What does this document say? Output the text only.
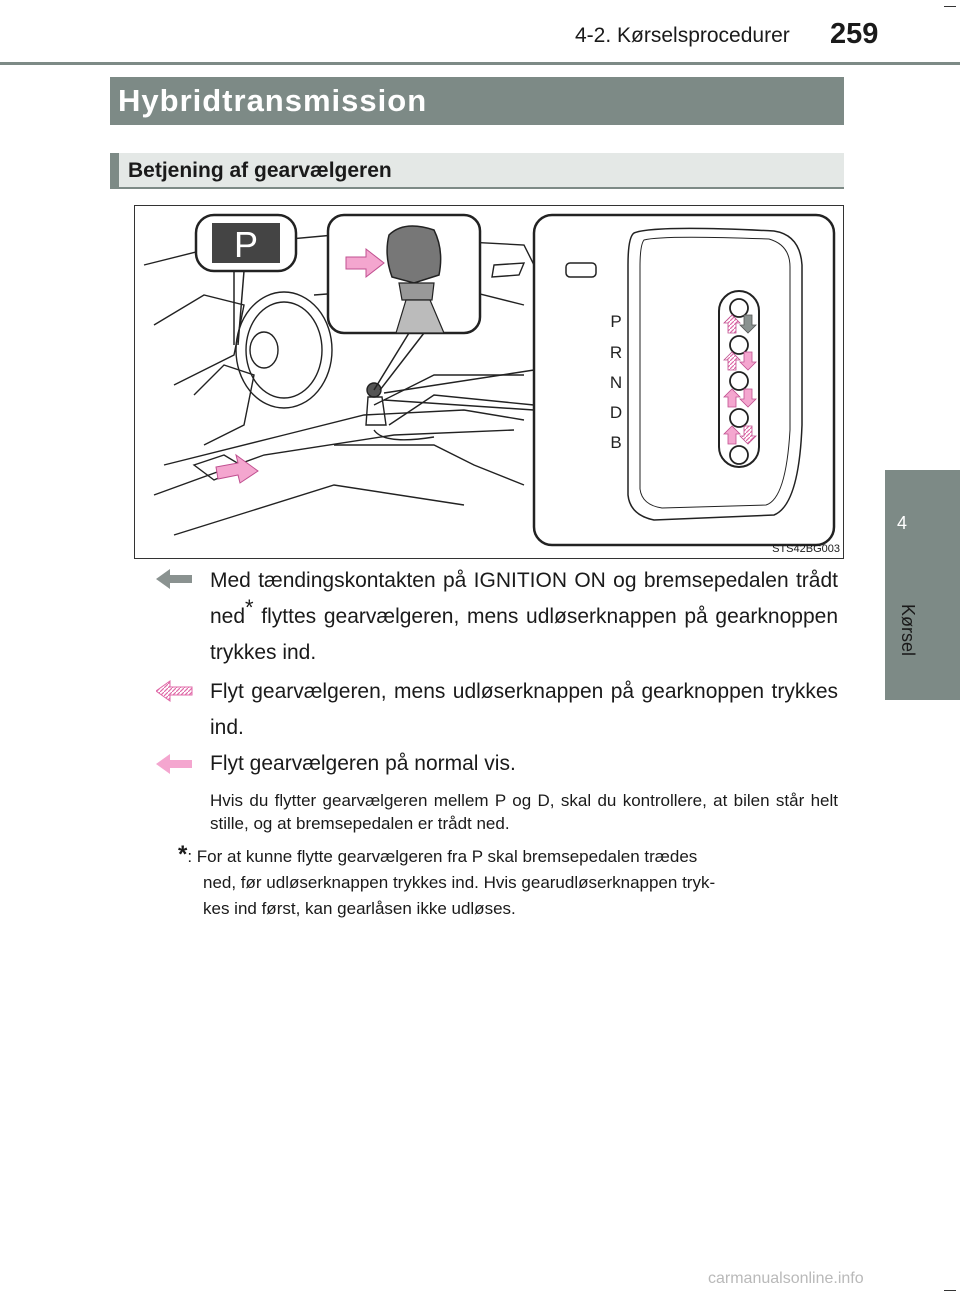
4-2. Kørselsprocedurer 259
Hybridtransmission
Betjening af gearvælgeren
4
Kørsel
P
P
R
N
D
B
STS42BG003
Med tændingskontakten på IGNITION ON og bremsepedalen trådt ned* flyttes gearvælgeren, mens udløserknappen på gearknoppen trykkes ind.
Flyt gearvælgeren, mens udløserknappen på gearknoppen trykkes ind.
Flyt gearvælgeren på normal vis.
Hvis du flytter gearvælgeren mellem P og D, skal du kontrollere, at bilen står helt stille, og at bremsepedalen er trådt ned.
*: For at kunne flytte gearvælgeren fra P skal bremsepedalen trædes
ned, før udløserknappen trykkes ind. Hvis gearudløserknappen tryk-
kes ind først, kan gearlåsen ikke udløses.
carmanualsonline.info
